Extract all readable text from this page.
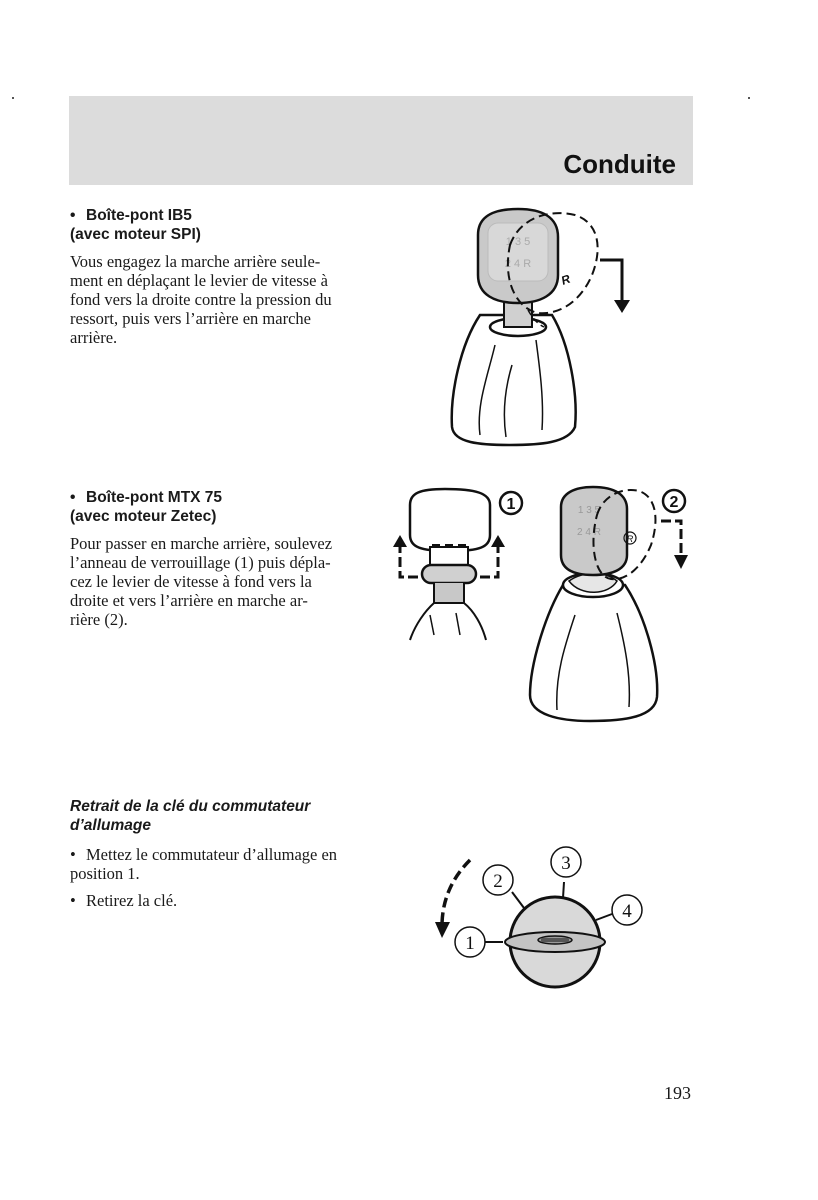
Conduite

• Boîte-pont IB5
(avec moteur SPI)

Vous engagez la marche arrière seule-
ment en déplaçant le levier de vitesse à
fond vers la droite contre la pression du
ressort, puis vers l’arrière en marche
arrière.

1 3 5
2 4 R
R

• Boîte-pont MTX 75
(avec moteur Zetec)

Pour passer en marche arrière, soulevez
l’anneau de verrouillage (1) puis dépla-
cez le levier de vitesse à fond vers la
droite et vers l’arrière en marche ar-
rière (2).

1	1 3 5
2 4 R
R
2

Retrait de la clé du commutateur
d’allumage

• Mettez le commutateur d’allumage en
position 1.

• Retirez la clé.

1
2
3
4
193
